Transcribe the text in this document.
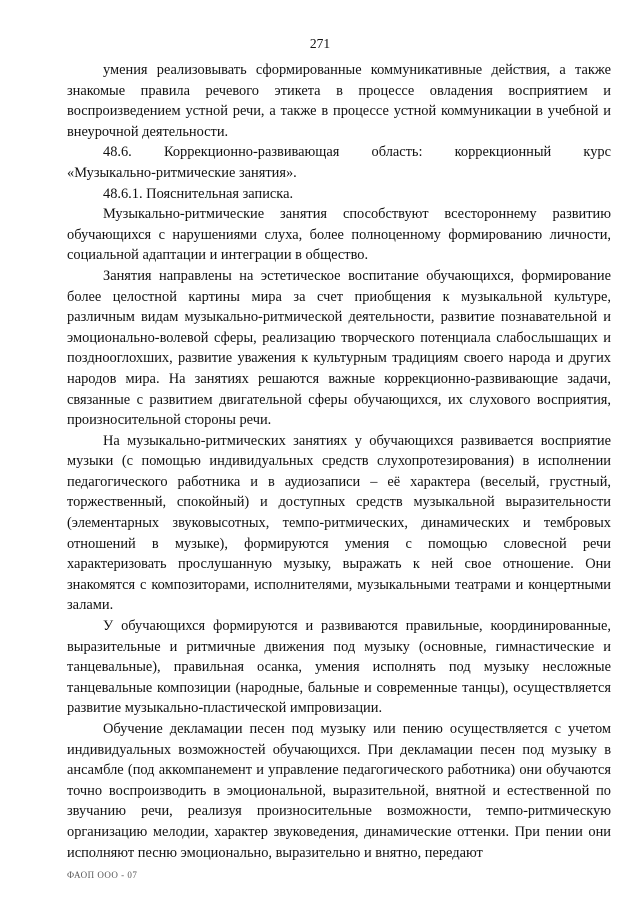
271

умения реализовывать сформированные коммуникативные действия, а также знакомые правила речевого этикета в процессе овладения восприятием и воспроизведением устной речи, а также в процессе устной коммуникации в учебной и внеурочной деятельности.

48.6. Коррекционно-развивающая область: коррекционный курс
«Музыкально-ритмические занятия».

48.6.1. Пояснительная записка.

Музыкально-ритмические занятия способствуют всестороннему развитию обучающихся с нарушениями слуха, более полноценному формированию личности, социальной адаптации и интеграции в общество.

Занятия направлены на эстетическое воспитание обучающихся, формирование более целостной картины мира за счет приобщения к музыкальной культуре, различным видам музыкально-ритмической деятельности, развитие познавательной и эмоционально-волевой сферы, реализацию творческого потенциала слабослышащих и позднооглохших, развитие уважения к культурным традициям своего народа и других народов мира. На занятиях решаются важные коррекционно-развивающие задачи, связанные с развитием двигательной сферы обучающихся, их слухового восприятия, произносительной стороны речи.

На музыкально-ритмических занятиях у обучающихся развивается восприятие музыки (с помощью индивидуальных средств слухопротезирования) в исполнении педагогического работника и в аудиозаписи – её характера (веселый, грустный, торжественный, спокойный) и доступных средств музыкальной выразительности (элементарных звуковысотных, темпо-ритмических, динамических и тембровых отношений в музыке), формируются умения с помощью словесной речи характеризовать прослушанную музыку, выражать к ней свое отношение. Они знакомятся с композиторами, исполнителями, музыкальными театрами и концертными залами.

У обучающихся формируются и развиваются правильные, координированные, выразительные и ритмичные движения под музыку (основные, гимнастические и танцевальные), правильная осанка, умения исполнять под музыку несложные танцевальные композиции (народные, бальные и современные танцы), осуществляется развитие музыкально-пластической импровизации.

Обучение декламации песен под музыку или пению осуществляется с учетом индивидуальных возможностей обучающихся. При декламации песен под музыку в ансамбле (под аккомпанемент и управление педагогического работника) они обучаются точно воспроизводить в эмоциональной, выразительной, внятной и естественной по звучанию речи, реализуя произносительные возможности, темпо-ритмическую организацию мелодии, характер звуковедения, динамические оттенки. При пении они исполняют песню эмоционально, выразительно и внятно, передают

ФАОП ООО - 07
